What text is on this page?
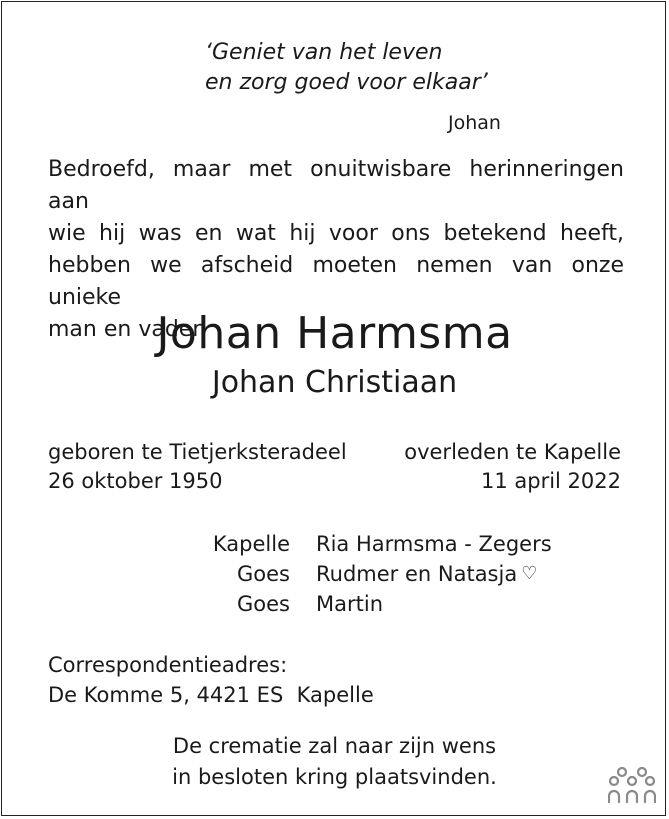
‘Geniet van het leven
en zorg goed voor elkaar’
Johan
Bedroefd, maar met onuitwisbare herinneringen aan
wie hij was en wat hij voor ons betekend heeft,
hebben we afscheid moeten nemen van onze unieke
man en vader
Johan Harmsma
Johan Christiaan
geboren te Tietjerksteradeel
26 oktober 1950
overleden te Kapelle
11 april 2022
Kapelle	Ria Harmsma - Zegers
Goes	Rudmer en Natasja ♡
Goes	Martin
Correspondentieadres:
De Komme 5, 4421 ES  Kapelle
De crematie zal naar zijn wens
in besloten kring plaatsvinden.
